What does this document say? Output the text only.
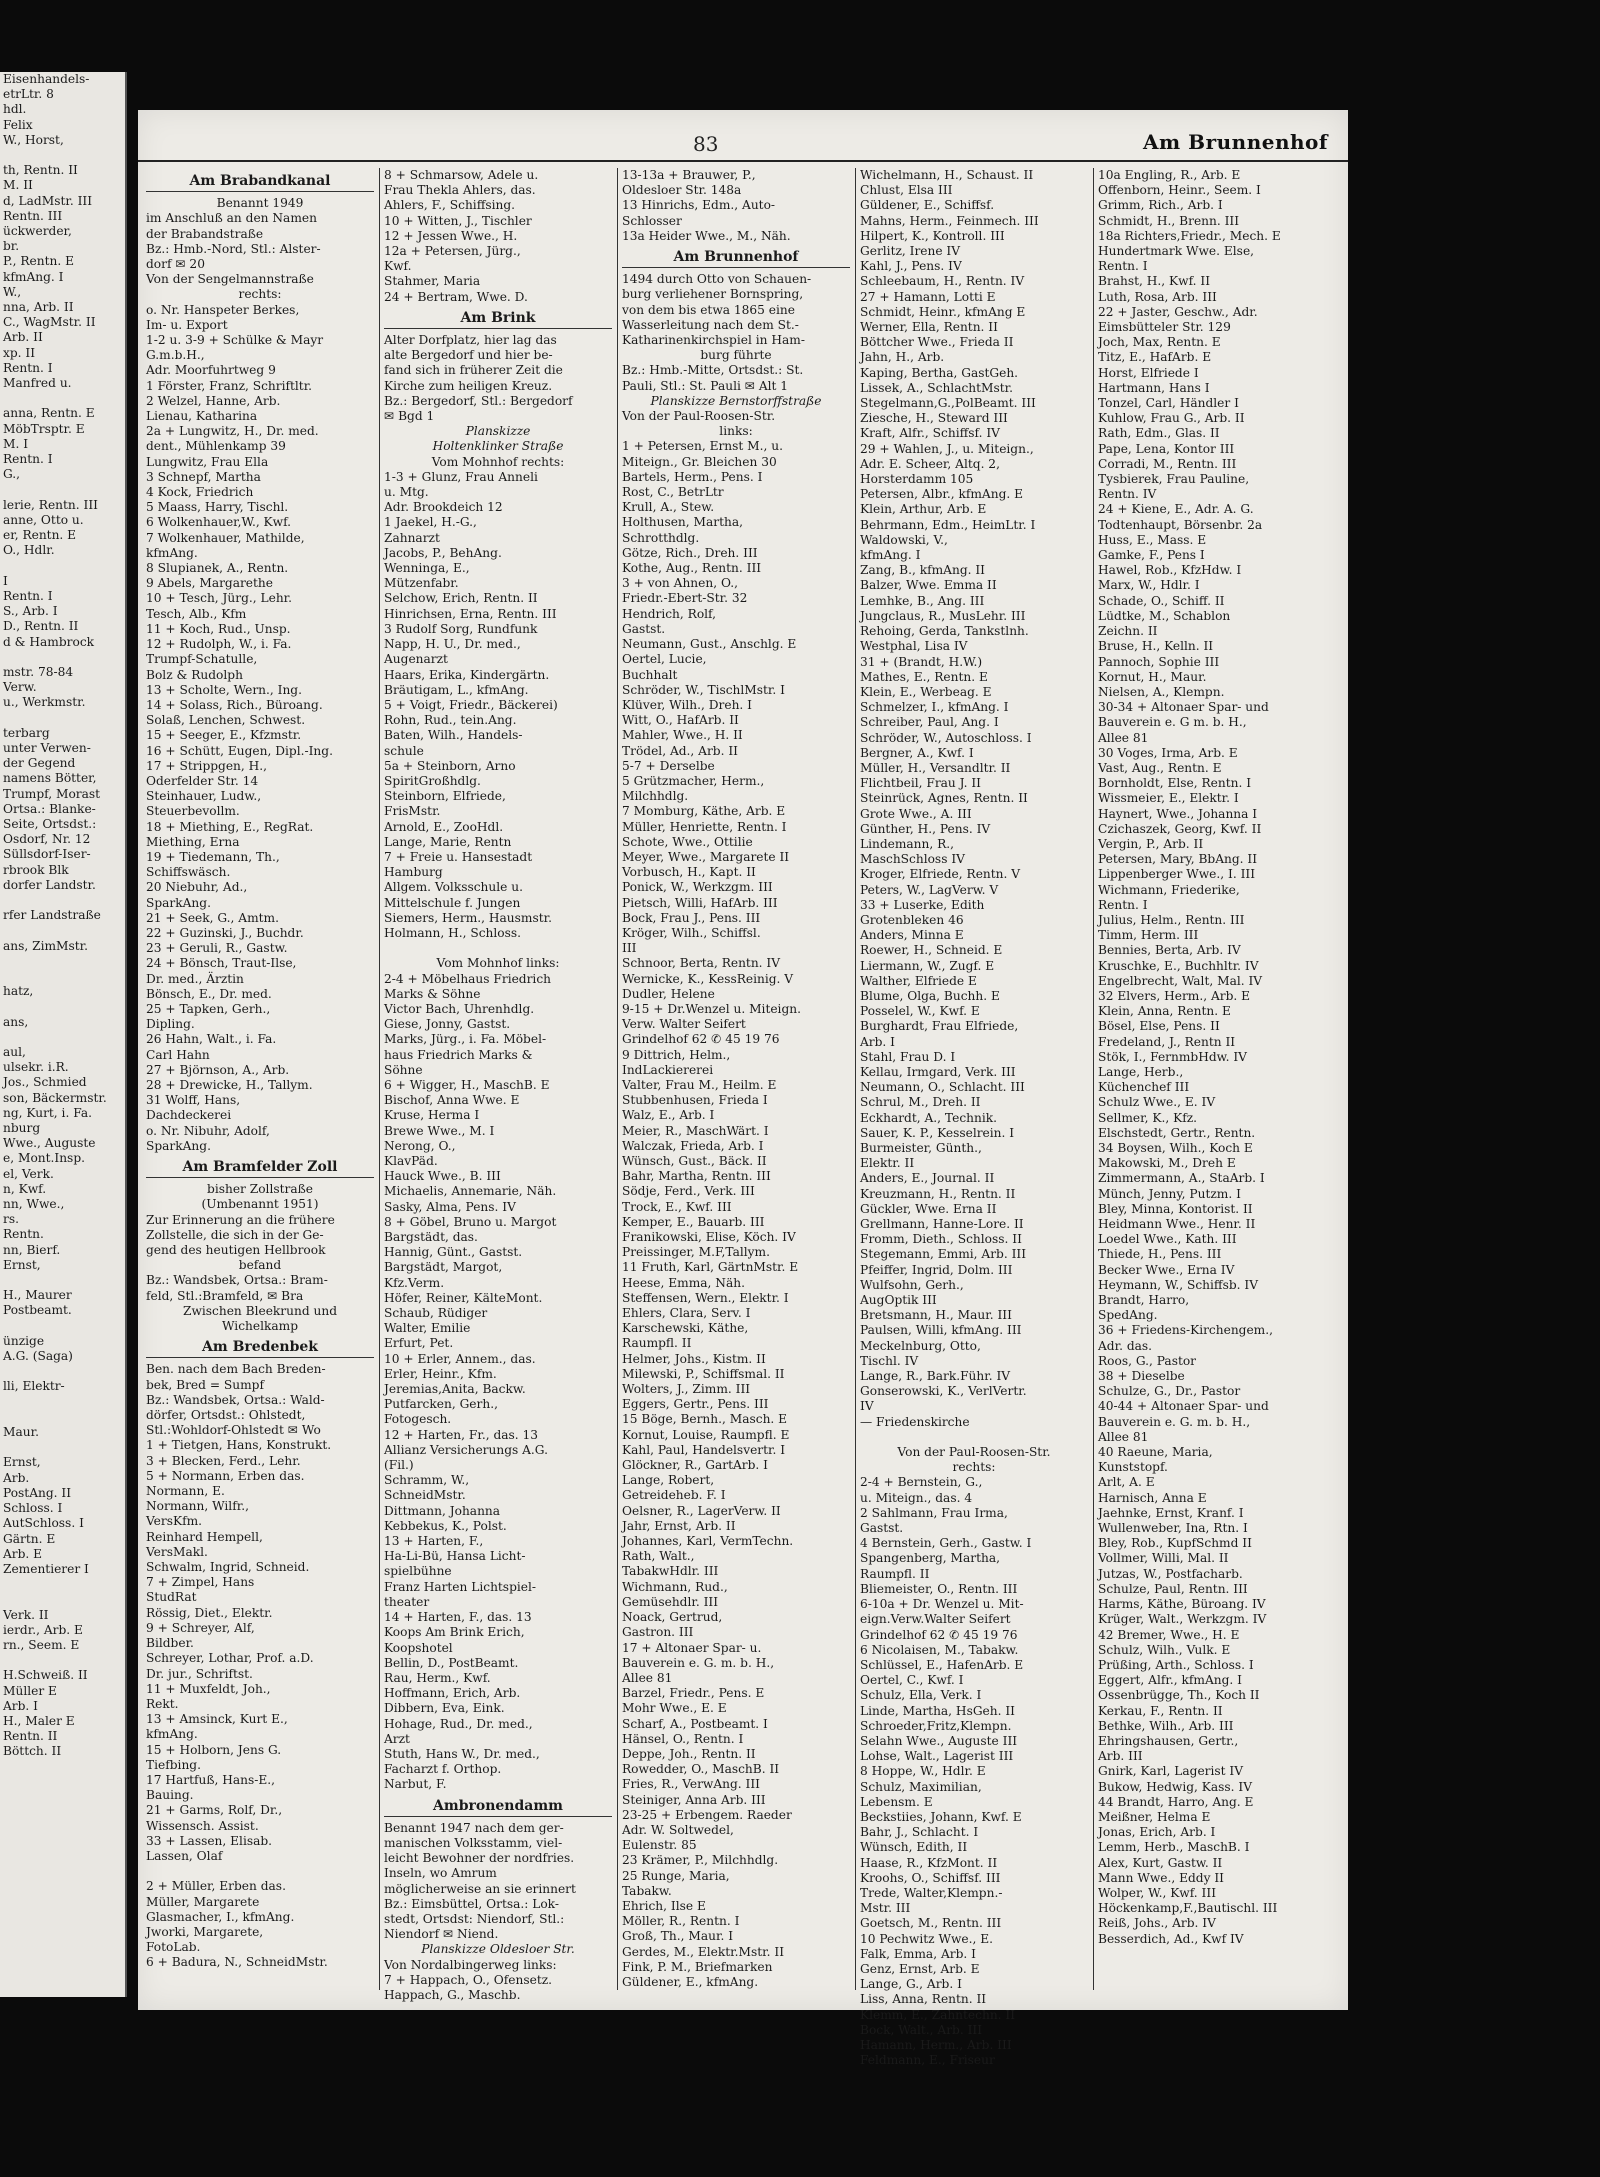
Eisenhandels-
etrLtr. 8
hdl.
Felix
W., Horst,

th, Rentn. II
M. II
d, LadMstr. III
Rentn. III
ückwerder,
br.
P., Rentn. E
kfmAng. I
W.,
nna, Arb. II
C., WagMstr. II
Arb. II
xp. II
Rentn. I
Manfred u.

anna, Rentn. E
MöbTrsptr. E
M. I
Rentn. I
G.,

lerie, Rentn. III
anne, Otto u.
er, Rentn. E
O., Hdlr.

I
Rentn. I
S., Arb. I
D., Rentn. II
d & Hambrock

mstr. 78-84
Verw.
u., Werkmstr.

terbarg
unter Verwen-
der Gegend
namens Bötter,
Trumpf, Morast
Ortsa.: Blanke-
Seite, Ortsdst.:
Osdorf, Nr. 12
Süllsdorf-Iser-
rbrook Blk
dorfer Landstr.

rfer Landstraße

ans, ZimMstr.

hatz,

ans,

aul,
ulsekr. i.R.
Jos., Schmied
son, Bäckermstr.
ng, Kurt, i. Fa.
nburg
Wwe., Auguste
e, Mont.Insp.
el, Verk.
n, Kwf.
nn, Wwe.,
rs.
Rentn.
nn, Bierf.
Ernst,

H., Maurer
Postbeamt.

ünzige
A.G. (Saga)

lli, Elektr-

Maur.

Ernst,
Arb.
PostAng. II
Schloss. I
AutSchloss. I
Gärtn. E
Arb. E
Zementierer I

Verk. II
ierdr., Arb. E
rn., Seem. E

H.Schweiß. II
Müller E
Arb. I
H., Maler E
Rentn. II
Böttch. II
83	Am Brunnenhof
Am Brabandkanal
Benannt 1949
im Anschluß an den Namen
der Brabandstraße
Bz.: Hmb.-Nord, Stl.: Alster-
dorf ✉ 20
Von der Sengelmannstraße
rechts:
o. Nr. Hanspeter Berkes,
Im- u. Export
1-2 u. 3-9 + Schülke & Mayr
G.m.b.H.,
Adr. Moorfuhrtweg 9
1 Förster, Franz, Schriftltr.
2 Welzel, Hanne, Arb.
Lienau, Katharina
2a + Lungwitz, H., Dr. med.
dent., Mühlenkamp 39
Lungwitz, Frau Ella
3 Schnepf, Martha
4 Kock, Friedrich
5 Maass, Harry, Tischl.
6 Wolkenhauer,W., Kwf.
7 Wolkenhauer, Mathilde,
kfmAng.
8 Slupianek, A., Rentn.
9 Abels, Margarethe
10 + Tesch, Jürg., Lehr.
Tesch, Alb., Kfm
11 + Koch, Rud., Unsp.
12 + Rudolph, W., i. Fa.
Trumpf-Schatulle,
Bolz & Rudolph
13 + Scholte, Wern., Ing.
14 + Solass, Rich., Büroang.
Solaß, Lenchen, Schwest.
15 + Seeger, E., Kfzmstr.
16 + Schütt, Eugen, Dipl.-Ing.
17 + Strippgen, H.,
Oderfelder Str. 14
Steinhauer, Ludw.,
Steuerbevollm.
18 + Miething, E., RegRat.
Miething, Erna
19 + Tiedemann, Th.,
Schiffswäsch.
20 Niebuhr, Ad.,
SparkAng.
21 + Seek, G., Amtm.
22 + Guzinski, J., Buchdr.
23 + Geruli, R., Gastw.
24 + Bönsch, Traut-Ilse,
Dr. med., Ärztin
Bönsch, E., Dr. med.
25 + Tapken, Gerh.,
Dipling.
26 Hahn, Walt., i. Fa.
Carl Hahn
27 + Björnson, A., Arb.
28 + Drewicke, H., Tallym.
31 Wolff, Hans,
Dachdeckerei
o. Nr. Nibuhr, Adolf,
SparkAng.
Am Bramfelder Zoll
bisher Zollstraße
(Umbenannt 1951)
Zur Erinnerung an die frühere
Zollstelle, die sich in der Ge-
gend des heutigen Hellbrook
befand
Bz.: Wandsbek, Ortsa.: Bram-
feld, Stl.:Bramfeld, ✉ Bra
Zwischen Bleekrund und
Wichelkamp
Am Bredenbek
Ben. nach dem Bach Breden-
bek, Bred = Sumpf
Bz.: Wandsbek, Ortsa.: Wald-
dörfer, Ortsdst.: Ohlstedt,
Stl.:Wohldorf-Ohlstedt ✉ Wo
1 + Tietgen, Hans, Konstrukt.
3 + Blecken, Ferd., Lehr.
5 + Normann, Erben das.
Normann, E.
Normann, Wilfr.,
VersKfm.
Reinhard Hempell,
VersMakl.
Schwalm, Ingrid, Schneid.
7 + Zimpel, Hans
StudRat
Rössig, Diet., Elektr.
9 + Schreyer, Alf,
Bildber.
Schreyer, Lothar, Prof. a.D.
Dr. jur., Schriftst.
11 + Muxfeldt, Joh.,
Rekt.
13 + Amsinck, Kurt E.,
kfmAng.
15 + Holborn, Jens G.
Tiefbing.
17 Hartfuß, Hans-E.,
Bauing.
21 + Garms, Rolf, Dr.,
Wissensch. Assist.
33 + Lassen, Elisab.
Lassen, Olaf

2 + Müller, Erben das.
Müller, Margarete
Glasmacher, I., kfmAng.
Jworki, Margarete,
FotoLab.
6 + Badura, N., SchneidMstr.
8 + Schmarsow, Adele u.
Frau Thekla Ahlers, das.
Ahlers, F., Schiffsing.
10 + Witten, J., Tischler
12 + Jessen Wwe., H.
12a + Petersen, Jürg.,
Kwf.
Stahmer, Maria
24 + Bertram, Wwe. D.
Am Brink
Alter Dorfplatz, hier lag das
alte Bergedorf und hier be-
fand sich in früherer Zeit die
Kirche zum heiligen Kreuz.
Bz.: Bergedorf, Stl.: Bergedorf
✉ Bgd 1
Planskizze
Holtenklinker Straße
Vom Mohnhof rechts:
1-3 + Glunz, Frau Anneli
u. Mtg.
Adr. Brookdeich 12
1 Jaekel, H.-G.,
Zahnarzt
Jacobs, P., BehAng.
Wenninga, E.,
Mützenfabr.
Selchow, Erich, Rentn. II
Hinrichsen, Erna, Rentn. III
3 Rudolf Sorg, Rundfunk
Napp, H. U., Dr. med.,
Augenarzt
Haars, Erika, Kindergärtn.
Bräutigam, L., kfmAng.
5 + Voigt, Friedr., Bäckerei)
Rohn, Rud., tein.Ang.
Baten, Wilh., Handels-
schule
5a + Steinborn, Arno
SpiritGroßhdlg.
Steinborn, Elfriede,
FrisMstr.
Arnold, E., ZooHdl.
Lange, Marie, Rentn
7 + Freie u. Hansestadt
Hamburg
Allgem. Volksschule u.
Mittelschule f. Jungen
Siemers, Herm., Hausmstr.
Holmann, H., Schloss.

Vom Mohnhof links:
2-4 + Möbelhaus Friedrich
Marks & Söhne
Victor Bach, Uhrenhdlg.
Giese, Jonny, Gastst.
Marks, Jürg., i. Fa. Möbel-
haus Friedrich Marks &
Söhne
6 + Wigger, H., MaschB. E
Bischof, Anna Wwe. E
Kruse, Herma I
Brewe Wwe., M. I
Nerong, O.,
KlavPäd.
Hauck Wwe., B. III
Michaelis, Annemarie, Näh.
Sasky, Alma, Pens. IV
8 + Göbel, Bruno u. Margot
Bargstädt, das.
Hannig, Günt., Gastst.
Bargstädt, Margot,
Kfz.Verm.
Höfer, Reiner, KälteMont.
Schaub, Rüdiger
Walter, Emilie
Erfurt, Pet.
10 + Erler, Annem., das.
Erler, Heinr., Kfm.
Jeremias,Anita, Backw.
Putfarcken, Gerh.,
Fotogesch.
12 + Harten, Fr., das. 13
Allianz Versicherungs A.G.
(Fil.)
Schramm, W.,
SchneidMstr.
Dittmann, Johanna
Kebbekus, K., Polst.
13 + Harten, F.,
Ha-Li-Bü, Hansa Licht-
spielbühne
Franz Harten Lichtspiel-
theater
14 + Harten, F., das. 13
Koops Am Brink Erich,
Koopshotel
Bellin, D., PostBeamt.
Rau, Herm., Kwf.
Hoffmann, Erich, Arb.
Dibbern, Eva, Eink.
Hohage, Rud., Dr. med.,
Arzt
Stuth, Hans W., Dr. med.,
Facharzt f. Orthop.
Narbut, F.
Ambronendamm
Benannt 1947 nach dem ger-
manischen Volksstamm, viel-
leicht Bewohner der nordfries.
Inseln, wo Amrum
möglicherweise an sie erinnert
Bz.: Eimsbüttel, Ortsa.: Lok-
stedt, Ortsdst: Niendorf, Stl.:
Niendorf ✉ Niend.
Planskizze Oldesloer Str.
Von Nordalbingerweg links:
7 + Happach, O., Ofensetz.
Happach, G., Maschb.
13-13a + Brauwer, P.,
Oldesloer Str. 148a
13 Hinrichs, Edm., Auto-
Schlosser
13a Heider Wwe., M., Näh.
Am Brunnenhof
1494 durch Otto von Schauen-
burg verliehener Bornspring,
von dem bis etwa 1865 eine
Wasserleitung nach dem St.-
Katharinenkirchspiel in Ham-
burg führte
Bz.: Hmb.-Mitte, Ortsdst.: St.
Pauli, Stl.: St. Pauli ✉ Alt 1
Planskizze Bernstorffstraße
Von der Paul-Roosen-Str.
links:
1 + Petersen, Ernst M., u.
Miteign., Gr. Bleichen 30
Bartels, Herm., Pens. I
Rost, C., BetrLtr
Krull, A., Stew.
Holthusen, Martha,
Schrotthdlg.
Götze, Rich., Dreh. III
Kothe, Aug., Rentn. III
3 + von Ahnen, O.,
Friedr.-Ebert-Str. 32
Hendrich, Rolf,
Gastst.
Neumann, Gust., Anschlg. E
Oertel, Lucie,
Buchhalt
Schröder, W., TischlMstr. I
Klüver, Wilh., Dreh. I
Witt, O., HafArb. II
Mahler, Wwe., H. II
Trödel, Ad., Arb. II
5-7 + Derselbe
5 Grützmacher, Herm.,
Milchhdlg.
7 Momburg, Käthe, Arb. E
Müller, Henriette, Rentn. I
Schote, Wwe., Ottilie
Meyer, Wwe., Margarete II
Vorbusch, H., Kapt. II
Ponick, W., Werkzgm. III
Pietsch, Willi, HafArb. III
Bock, Frau J., Pens. III
Kröger, Wilh., Schiffsl.
III
Schnoor, Berta, Rentn. IV
Wernicke, K., KessReinig. V
Dudler, Helene
9-15 + Dr.Wenzel u. Miteign.
Verw. Walter Seifert
Grindelhof 62 ✆ 45 19 76
9 Dittrich, Helm.,
IndLackiererei
Valter, Frau M., Heilm. E
Stubbenhusen, Frieda I
Walz, E., Arb. I
Meier, R., MaschWärt. I
Walczak, Frieda, Arb. I
Wünsch, Gust., Bäck. II
Bahr, Martha, Rentn. III
Södje, Ferd., Verk. III
Trock, E., Kwf. III
Kemper, E., Bauarb. III
Franikowski, Elise, Köch. IV
Preissinger, M.F,Tallym.
11 Fruth, Karl, GärtnMstr. E
Heese, Emma, Näh.
Steffensen, Wern., Elektr. I
Ehlers, Clara, Serv. I
Karschewski, Käthe,
Raumpfl. II
Helmer, Johs., Kistm. II
Milewski, P., Schiffsmal. II
Wolters, J., Zimm. III
Eggers, Gertr., Pens. III
15 Böge, Bernh., Masch. E
Kornut, Louise, Raumpfl. E
Kahl, Paul, Handelsvertr. I
Glöckner, R., GartArb. I
Lange, Robert,
Getreideheb. F. I
Oelsner, R., LagerVerw. II
Jahr, Ernst, Arb. II
Johannes, Karl, VermTechn.
Rath, Walt.,
TabakwHdlr. III
Wichmann, Rud.,
Gemüsehdlr. III
Noack, Gertrud,
Gastron. III
17 + Altonaer Spar- u.
Bauverein e. G. m. b. H.,
Allee 81
Barzel, Friedr., Pens. E
Mohr Wwe., E. E
Scharf, A., Postbeamt. I
Hänsel, O., Rentn. I
Deppe, Joh., Rentn. II
Rowedder, O., MaschB. II
Fries, R., VerwAng. III
Steiniger, Anna Arb. III
23-25 + Erbengem. Raeder
Adr. W. Soltwedel,
Eulenstr. 85
23 Krämer, P., Milchhdlg.
25 Runge, Maria,
Tabakw.
Ehrich, Ilse E
Möller, R., Rentn. I
Groß, Th., Maur. I
Gerdes, M., Elektr.Mstr. II
Fink, P. M., Briefmarken
Güldener, E., kfmAng.
Wichelmann, H., Schaust. II
Chlust, Elsa III
Güldener, E., Schiffsf.
Mahns, Herm., Feinmech. III
Hilpert, K., Kontroll. III
Gerlitz, Irene IV
Kahl, J., Pens. IV
Schleebaum, H., Rentn. IV
27 + Hamann, Lotti E
Schmidt, Heinr., kfmAng E
Werner, Ella, Rentn. II
Böttcher Wwe., Frieda II
Jahn, H., Arb.
Kaping, Bertha, GastGeh.
Lissek, A., SchlachtMstr.
Stegelmann,G.,PolBeamt. III
Ziesche, H., Steward III
Kraft, Alfr., Schiffsf. IV
29 + Wahlen, J., u. Miteign.,
Adr. E. Scheer, Altq. 2,
Horsterdamm 105
Petersen, Albr., kfmAng. E
Klein, Arthur, Arb. E
Behrmann, Edm., HeimLtr. I
Waldowski, V.,
kfmAng. I
Zang, B., kfmAng. II
Balzer, Wwe. Emma II
Lemhke, B., Ang. III
Jungclaus, R., MusLehr. III
Rehoing, Gerda, Tankstlnh.
Westphal, Lisa IV
31 + (Brandt, H.W.)
Mathes, E., Rentn. E
Klein, E., Werbeag. E
Schmelzer, I., kfmAng. I
Schreiber, Paul, Ang. I
Schröder, W., Autoschloss. I
Bergner, A., Kwf. I
Müller, H., Versandltr. II
Flichtbeil, Frau J. II
Steinrück, Agnes, Rentn. II
Grote Wwe., A. III
Günther, H., Pens. IV
Lindemann, R.,
MaschSchloss IV
Kroger, Elfriede, Rentn. V
Peters, W., LagVerw. V
33 + Luserke, Edith
Grotenbleken 46
Anders, Minna E
Roewer, H., Schneid. E
Liermann, W., Zugf. E
Walther, Elfriede E
Blume, Olga, Buchh. E
Posselel, W., Kwf. E
Burghardt, Frau Elfriede,
Arb. I
Stahl, Frau D. I
Kellau, Irmgard, Verk. III
Neumann, O., Schlacht. III
Schrul, M., Dreh. II
Eckhardt, A., Technik.
Sauer, K. P., Kesselrein. I
Burmeister, Günth.,
Elektr. II
Anders, E., Journal. II
Kreuzmann, H., Rentn. II
Gückler, Wwe. Erna II
Grellmann, Hanne-Lore. II
Fromm, Dieth., Schloss. II
Stegemann, Emmi, Arb. III
Pfeiffer, Ingrid, Dolm. III
Wulfsohn, Gerh.,
AugOptik III
Bretsmann, H., Maur. III
Paulsen, Willi, kfmAng. III
Meckelnburg, Otto,
Tischl. IV
Lange, R., Bark.Führ. IV
Gonserowski, K., VerlVertr.
IV
— Friedenskirche

Von der Paul-Roosen-Str.
rechts:
2-4 + Bernstein, G.,
u. Miteign., das. 4
2 Sahlmann, Frau Irma,
Gastst.
4 Bernstein, Gerh., Gastw. I
Spangenberg, Martha,
Raumpfl. II
Bliemeister, O., Rentn. III
6-10a + Dr. Wenzel u. Mit-
eign.Verw.Walter Seifert
Grindelhof 62 ✆ 45 19 76
6 Nicolaisen, M., Tabakw.
Schlüssel, E., HafenArb. E
Oertel, C., Kwf. I
Schulz, Ella, Verk. I
Linde, Martha, HsGeh. II
Schroeder,Fritz,Klempn.
Selahn Wwe., Auguste III
Lohse, Walt., Lagerist III
8 Hoppe, W., Hdlr. E
Schulz, Maximilian,
Lebensm. E
Beckstiies, Johann, Kwf. E
Bahr, J., Schlacht. I
Wünsch, Edith, II
Haase, R., KfzMont. II
Kroohs, O., Schiffsf. III
Trede, Walter,Klempn.-
Mstr. III
Goetsch, M., Rentn. III
10 Pechwitz Wwe., E.
Falk, Emma, Arb. I
Genz, Ernst, Arb. E
Lange, G., Arb. I
Liss, Anna, Rentn. II
Klemm, E., Zahntechn. II
Bock, Walt., Arb. III
Hamann, Herm., Arb. III
Feldmann, E., Friseur
10a Engling, R., Arb. E
Offenborn, Heinr., Seem. I
Grimm, Rich., Arb. I
Schmidt, H., Brenn. III
18a Richters,Friedr., Mech. E
Hundertmark Wwe. Else,
Rentn. I
Brahst, H., Kwf. II
Luth, Rosa, Arb. III
22 + Jaster, Geschw., Adr.
Eimsbütteler Str. 129
Joch, Max, Rentn. E
Titz, E., HafArb. E
Horst, Elfriede I
Hartmann, Hans I
Tonzel, Carl, Händler I
Kuhlow, Frau G., Arb. II
Rath, Edm., Glas. II
Pape, Lena, Kontor III
Corradi, M., Rentn. III
Tysbierek, Frau Pauline,
Rentn. IV
24 + Kiene, E., Adr. A. G.
Todtenhaupt, Börsenbr. 2a
Huss, E., Mass. E
Gamke, F., Pens I
Hawel, Rob., KfzHdw. I
Marx, W., Hdlr. I
Schade, O., Schiff. II
Lüdtke, M., Schablon
Zeichn. II
Bruse, H., Kelln. II
Pannoch, Sophie III
Kornut, H., Maur.
Nielsen, A., Klempn.
30-34 + Altonaer Spar- und
Bauverein e. G m. b. H.,
Allee 81
30 Voges, Irma, Arb. E
Vast, Aug., Rentn. E
Bornholdt, Else, Rentn. I
Wissmeier, E., Elektr. I
Haynert, Wwe., Johanna I
Czichaszek, Georg, Kwf. II
Vergin, P., Arb. II
Petersen, Mary, BbAng. II
Lippenberger Wwe., I. III
Wichmann, Friederike,
Rentn. I
Julius, Helm., Rentn. III
Timm, Herm. III
Bennies, Berta, Arb. IV
Kruschke, E., Buchhltr. IV
Engelbrecht, Walt, Mal. IV
32 Elvers, Herm., Arb. E
Klein, Anna, Rentn. E
Bösel, Else, Pens. II
Fredeland, J., Rentn II
Stök, I., FernmbHdw. IV
Lange, Herb.,
Küchenchef III
Schulz Wwe., E. IV
Sellmer, K., Kfz.
Elschstedt, Gertr., Rentn.
34 Boysen, Wilh., Koch E
Makowski, M., Dreh E
Zimmermann, A., StaArb. I
Münch, Jenny, Putzm. I
Bley, Minna, Kontorist. II
Heidmann Wwe., Henr. II
Loedel Wwe., Kath. III
Thiede, H., Pens. III
Becker Wwe., Erna IV
Heymann, W., Schiffsb. IV
Brandt, Harro,
SpedAng.
36 + Friedens-Kirchengem.,
Adr. das.
Roos, G., Pastor
38 + Dieselbe
Schulze, G., Dr., Pastor
40-44 + Altonaer Spar- und
Bauverein e. G. m. b. H.,
Allee 81
40 Raeune, Maria,
Kunststopf.
Arlt, A. E
Harnisch, Anna E
Jaehnke, Ernst, Kranf. I
Wullenweber, Ina, Rtn. I
Bley, Rob., KupfSchmd II
Vollmer, Willi, Mal. II
Jutzas, W., Postfacharb.
Schulze, Paul, Rentn. III
Harms, Käthe, Büroang. IV
Krüger, Walt., Werkzgm. IV
42 Bremer, Wwe., H. E
Schulz, Wilh., Vulk. E
Prüßing, Arth., Schloss. I
Eggert, Alfr., kfmAng. I
Ossenbrügge, Th., Koch II
Kerkau, F., Rentn. II
Bethke, Wilh., Arb. III
Ehringshausen, Gertr.,
Arb. III
Gnirk, Karl, Lagerist IV
Bukow, Hedwig, Kass. IV
44 Brandt, Harro, Ang. E
Meißner, Helma E
Jonas, Erich, Arb. I
Lemm, Herb., MaschB. I
Alex, Kurt, Gastw. II
Mann Wwe., Eddy II
Wolper, W., Kwf. III
Höckenkamp,F.,Bautischl. III
Reiß, Johs., Arb. IV
Besserdich, Ad., Kwf IV
